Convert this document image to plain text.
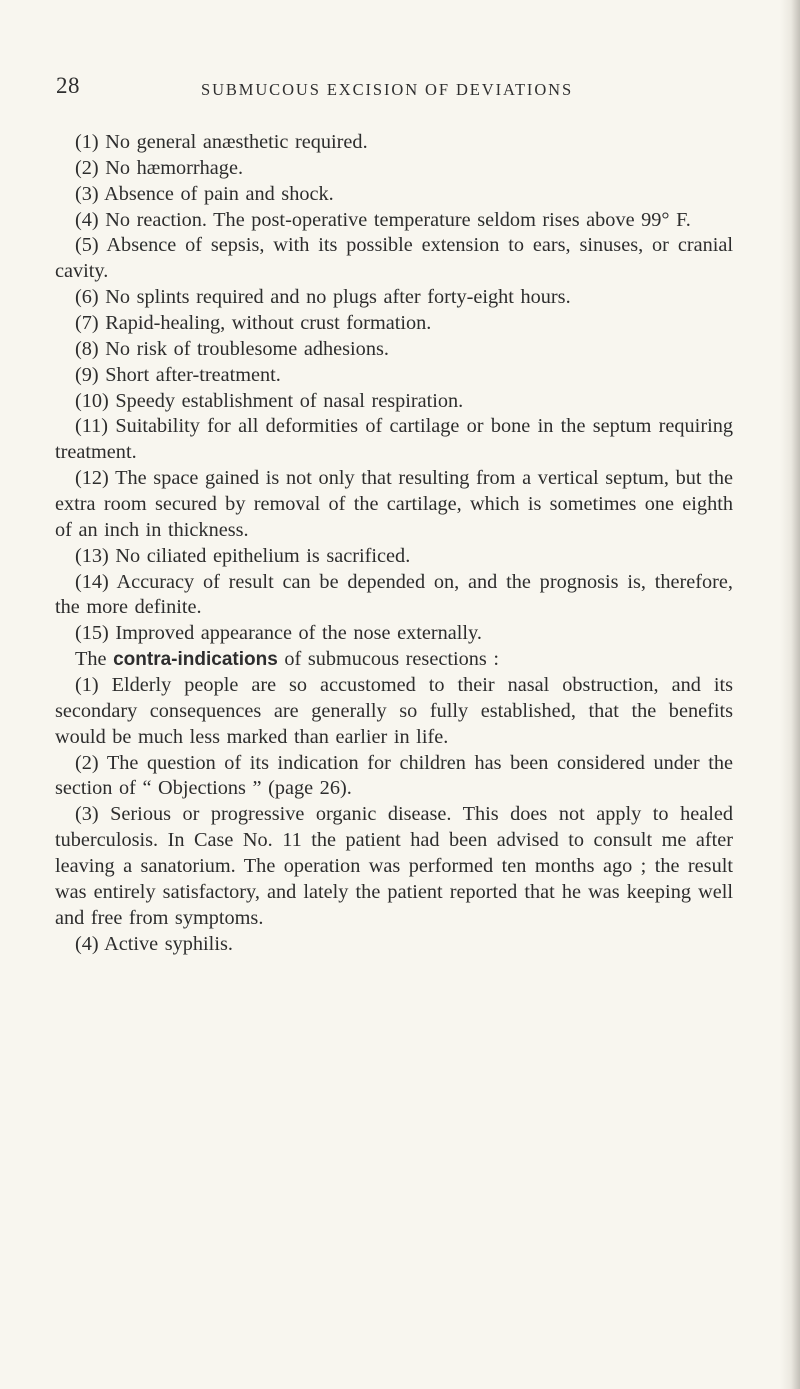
28	SUBMUCOUS EXCISION OF DEVIATIONS

(1) No general anæsthetic required.

(2) No hæmorrhage.

(3) Absence of pain and shock.

(4) No reaction. The post-operative temperature seldom rises above 99° F.

(5) Absence of sepsis, with its possible extension to ears, sinuses, or cranial cavity.

(6) No splints required and no plugs after forty-eight hours.

(7) Rapid-healing, without crust formation.

(8) No risk of troublesome adhesions.

(9) Short after-treatment.

(10) Speedy establishment of nasal respiration.

(11) Suitability for all deformities of cartilage or bone in the septum requiring treatment.

(12) The space gained is not only that resulting from a vertical septum, but the extra room secured by removal of the cartilage, which is sometimes one eighth of an inch in thickness.

(13) No ciliated epithelium is sacrificed.

(14) Accuracy of result can be depended on, and the prognosis is, therefore, the more definite.

(15) Improved appearance of the nose externally.

The contra-indications of submucous resections :

(1) Elderly people are so accustomed to their nasal obstruction, and its secondary consequences are generally so fully established, that the benefits would be much less marked than earlier in life.

(2) The question of its indication for children has been considered under the section of “ Objections ” (page 26).

(3) Serious or progressive organic disease. This does not apply to healed tuberculosis. In Case No. 11 the patient had been advised to consult me after leaving a sanatorium. The operation was performed ten months ago ; the result was entirely satisfactory, and lately the patient reported that he was keeping well and free from symptoms.

(4) Active syphilis.
